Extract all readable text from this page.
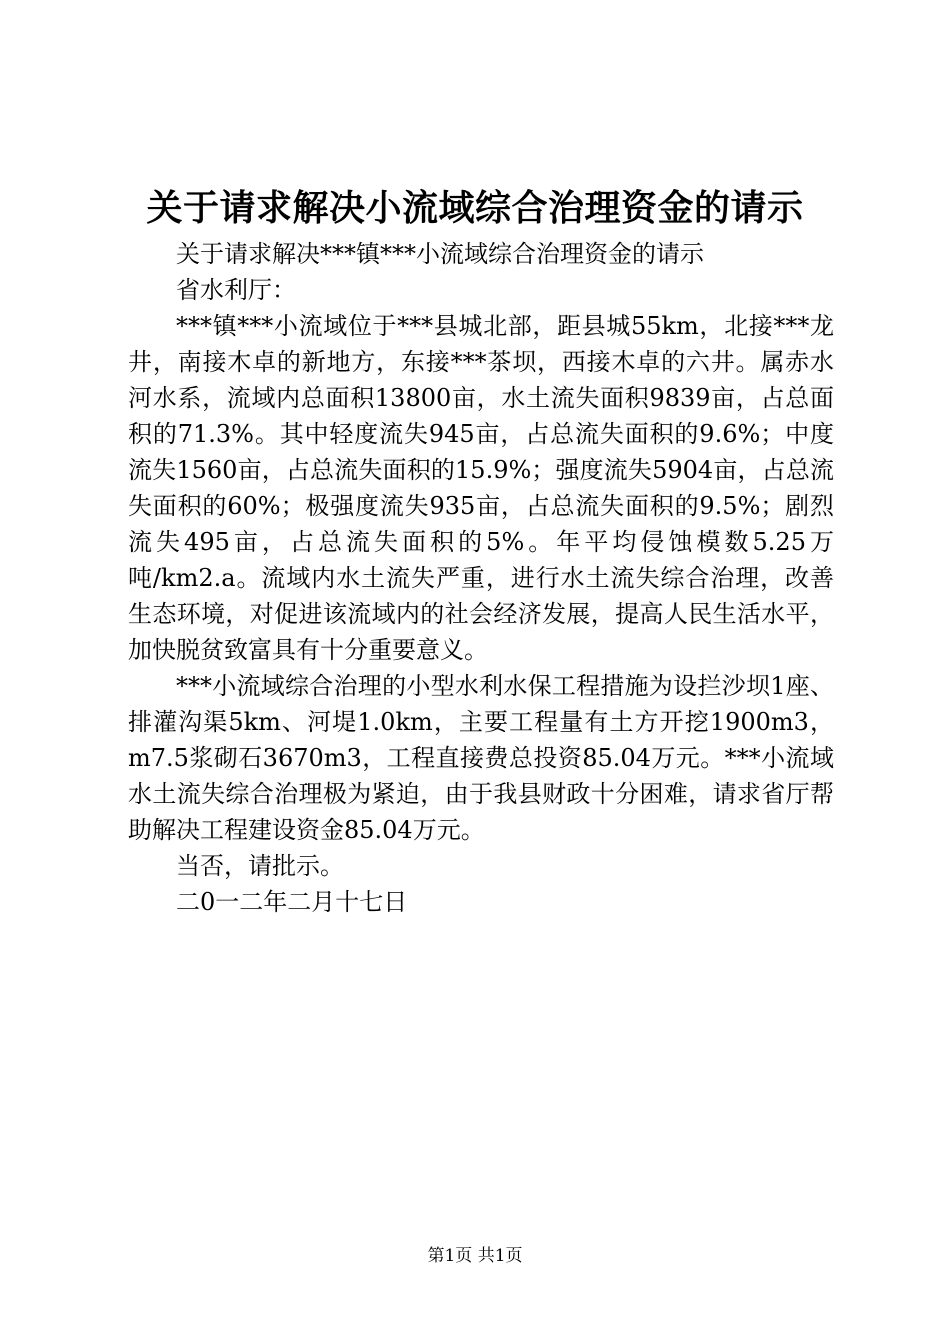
关于请求解决小流域综合治理资金的请示

关于请求解决***镇***小流域综合治理资金的请示

省水利厅：

***镇***小流域位于***县城北部，距县城55km，北接***龙井，南接木卓的新地方，东接***茶坝，西接木卓的六井。属赤水河水系，流域内总面积13800亩，水土流失面积9839亩，占总面积的71.3%。其中轻度流失945亩，占总流失面积的9.6%；中度流失1560亩，占总流失面积的15.9%；强度流失5904亩，占总流失面积的60%；极强度流失935亩，占总流失面积的9.5%；剧烈流失495亩，占总流失面积的5%。年平均侵蚀模数5.25万吨/km2.a。流域内水土流失严重，进行水土流失综合治理，改善生态环境，对促进该流域内的社会经济发展，提高人民生活水平，加快脱贫致富具有十分重要意义。

***小流域综合治理的小型水利水保工程措施为设拦沙坝1座、排灌沟渠5km、河堤1.0km，主要工程量有土方开挖1900m3，m7.5浆砌石3670m3，工程直接费总投资85.04万元。***小流域水土流失综合治理极为紧迫，由于我县财政十分困难，请求省厅帮助解决工程建设资金85.04万元。

当否，请批示。

二0一二年二月十七日

第1页 共1页
